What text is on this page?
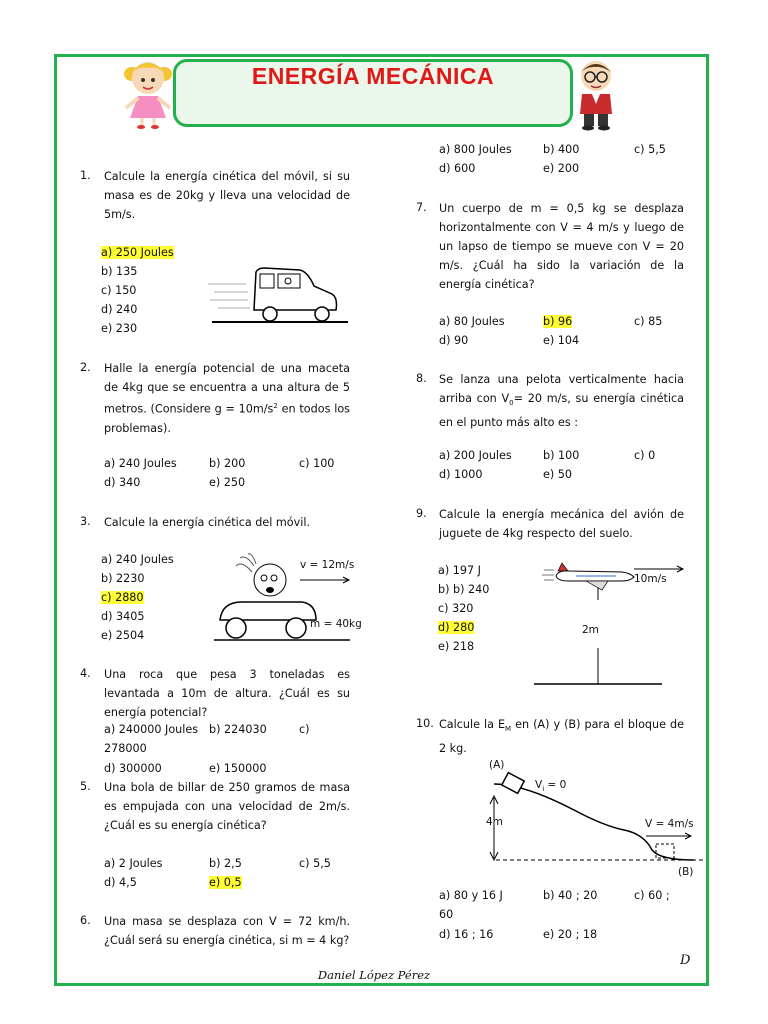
ENERGÍA MECÁNICA
1. Calcule la energía cinética del móvil, si su masa es de 20kg y lleva una velocidad de 5m/s.
a) 250 Joules
b) 135
c) 150
d) 240
e) 230
2. Halle la energía potencial de una maceta de 4kg que se encuentra a una altura de 5 metros. (Considere $g = 10m/s^2$ en todos los problemas).
a) 240 Joules	b) 200	c) 100
d) 340	e) 250
3. Calcule la energía cinética del móvil.
a) 240 Joules
b) 2230
c) 2880
d) 3405
e) 2504
v = 12m/s
m = 40kg
4. Una roca que pesa 3 toneladas es levantada a 10m de altura. ¿Cuál es su energía potencial?
a) 240000 Joules b) 224030	c)
278000
d) 300000	e) 150000
5. Una bola de billar de 250 gramos de masa es empujada con una velocidad de 2m/s. ¿Cuál es su energía cinética?
a) 2 Joules	b) 2,5	c) 5,5
d) 4,5	e) 0,5
6. Una masa se desplaza con V = 72 km/h. ¿Cuál será su energía cinética, si m = 4 kg?
a) 800 Joules	b) 400	c) 5,5
d) 600	e) 200
7. Un cuerpo de m = 0,5 kg se desplaza horizontalmente con V = 4 m/s y luego de un lapso de tiempo se mueve con V = 20 m/s. ¿Cuál ha sido la variación de la energía cinética?
a) 80 Joules	b) 96	c) 85
d) 90	e) 104
8. Se lanza una pelota verticalmente hacia arriba con $V_0= 20$ m/s, su energía cinética en el punto más alto es :
a) 200 Joules	b) 100	c) 0
d) 1000	e) 50
9. Calcule la energía mecánica del avión de juguete de 4kg respecto del suelo.
a) 197 J
b) b) 240
c) 320
d) 280
e) 218
10m/s
2m
10. Calcule la $E_M$ en (A) y (B) para el bloque de 2 kg.
(A)
$V_i = 0$
4m	V = 4m/s
(B)
a) 80 y 16 J	b) 40 ; 20	c) 60 ;
60
d) 16 ; 16	e) 20 ; 18
D
Daniel López Pérez
